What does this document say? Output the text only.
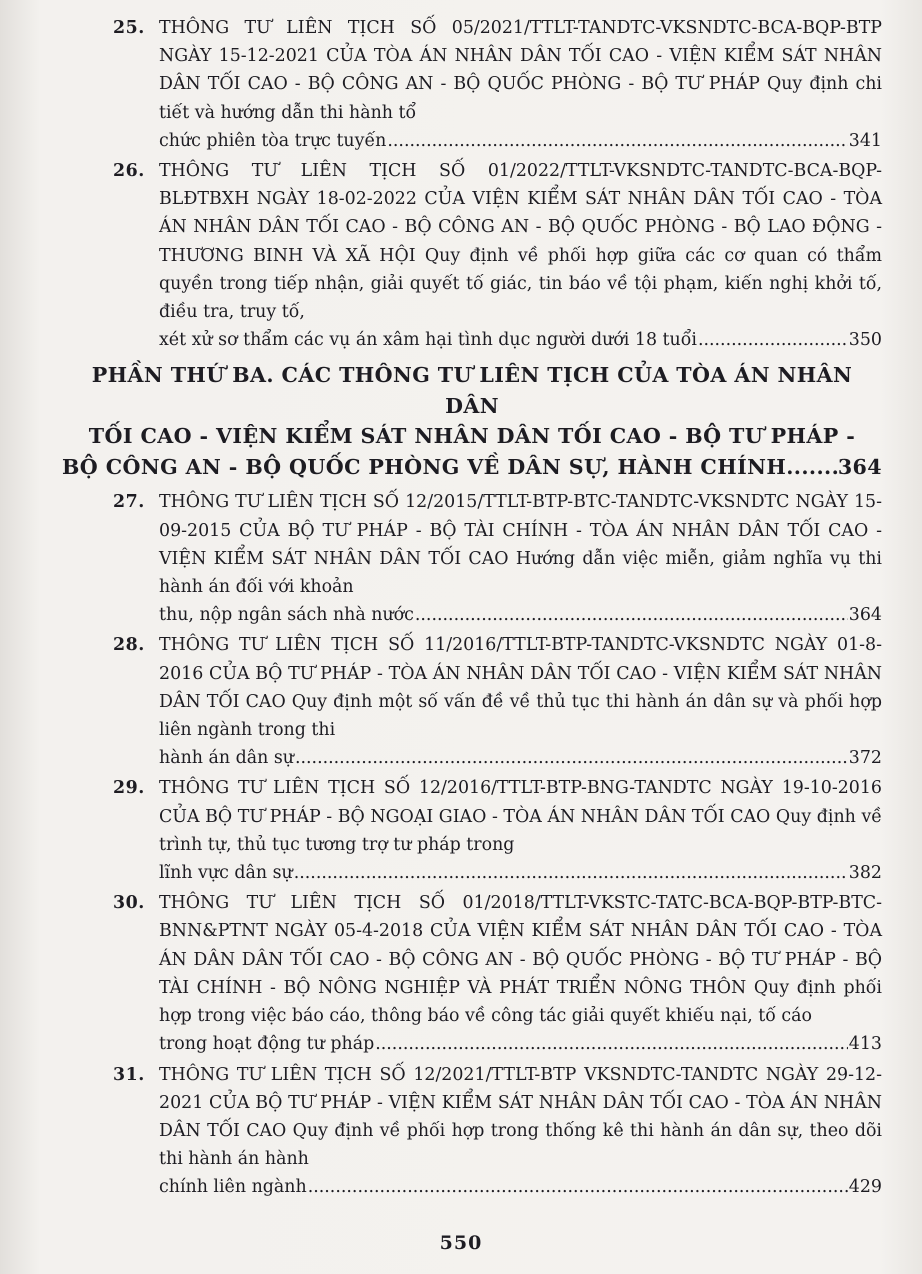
25. THÔNG TƯ LIÊN TỊCH SỐ 05/2021/TTLT-TANDTC-VKSNDTC-BCA-BQP-BTP NGÀY 15-12-2021 CỦA TÒA ÁN NHÂN DÂN TỐI CAO - VIỆN KIỂM SÁT NHÂN DÂN TỐI CAO - BỘ CÔNG AN - BỘ QUỐC PHÒNG - BỘ TƯ PHÁP Quy định chi tiết và hướng dẫn thi hành tổ
chức phiên tòa trực tuyến .....	341
26. THÔNG TƯ LIÊN TỊCH SỐ 01/2022/TTLT-VKSNDTC-TANDTC-BCA-BQP-BLĐTBXH NGÀY 18-02-2022 CỦA VIỆN KIỂM SÁT NHÂN DÂN TỐI CAO - TÒA ÁN NHÂN DÂN TỐI CAO - BỘ CÔNG AN - BỘ QUỐC PHÒNG - BỘ LAO ĐỘNG - THƯƠNG BINH VÀ XÃ HỘI Quy định về phối hợp giữa các cơ quan có thẩm quyền trong tiếp nhận, giải quyết tố giác, tin báo về tội phạm, kiến nghị khởi tố, điều tra, truy tố,
xét xử sơ thẩm các vụ án xâm hại tình dục người dưới 18 tuổi .....	350
PHẦN THỨ BA. CÁC THÔNG TƯ LIÊN TỊCH CỦA TÒA ÁN NHÂN DÂN
TỐI CAO - VIỆN KIỂM SÁT NHÂN DÂN TỐI CAO - BỘ TƯ PHÁP -
BỘ CÔNG AN - BỘ QUỐC PHÒNG VỀ DÂN SỰ, HÀNH CHÍNH .....	364
27. THÔNG TƯ LIÊN TỊCH SỐ 12/2015/TTLT-BTP-BTC-TANDTC-VKSNDTC NGÀY 15-09-2015 CỦA BỘ TƯ PHÁP - BỘ TÀI CHÍNH - TÒA ÁN NHÂN DÂN TỐI CAO - VIỆN KIỂM SÁT NHÂN DÂN TỐI CAO Hướng dẫn việc miễn, giảm nghĩa vụ thi hành án đối với khoản
thu, nộp ngân sách nhà nước .....	364
28. THÔNG TƯ LIÊN TỊCH SỐ 11/2016/TTLT-BTP-TANDTC-VKSNDTC NGÀY 01-8-2016 CỦA BỘ TƯ PHÁP - TÒA ÁN NHÂN DÂN TỐI CAO - VIỆN KIỂM SÁT NHÂN DÂN TỐI CAO Quy định một số vấn đề về thủ tục thi hành án dân sự và phối hợp liên ngành trong thi
hành án dân sự .....	372
29. THÔNG TƯ LIÊN TỊCH SỐ 12/2016/TTLT-BTP-BNG-TANDTC NGÀY 19-10-2016 CỦA BỘ TƯ PHÁP - BỘ NGOẠI GIAO - TÒA ÁN NHÂN DÂN TỐI CAO Quy định về trình tự, thủ tục tương trợ tư pháp trong
lĩnh vực dân sự .....	382
30. THÔNG TƯ LIÊN TỊCH SỐ 01/2018/TTLT-VKSTC-TATC-BCA-BQP-BTP-BTC-BNN&PTNT NGÀY 05-4-2018 CỦA VIỆN KIỂM SÁT NHÂN DÂN TỐI CAO - TÒA ÁN DÂN DÂN TỐI CAO - BỘ CÔNG AN - BỘ QUỐC PHÒNG - BỘ TƯ PHÁP - BỘ TÀI CHÍNH - BỘ NÔNG NGHIỆP VÀ PHÁT TRIỂN NÔNG THÔN Quy định phối hợp trong việc báo cáo, thông báo về công tác giải quyết khiếu nại, tố cáo
trong hoạt động tư pháp .....	413
31. THÔNG TƯ LIÊN TỊCH SỐ 12/2021/TTLT-BTP VKSNDTC-TANDTC NGÀY 29-12-2021 CỦA BỘ TƯ PHÁP - VIỆN KIỂM SÁT NHÂN DÂN TỐI CAO - TÒA ÁN NHÂN DÂN TỐI CAO Quy định về phối hợp trong thống kê thi hành án dân sự, theo dõi thi hành án hành
chính liên ngành .....	429
550
